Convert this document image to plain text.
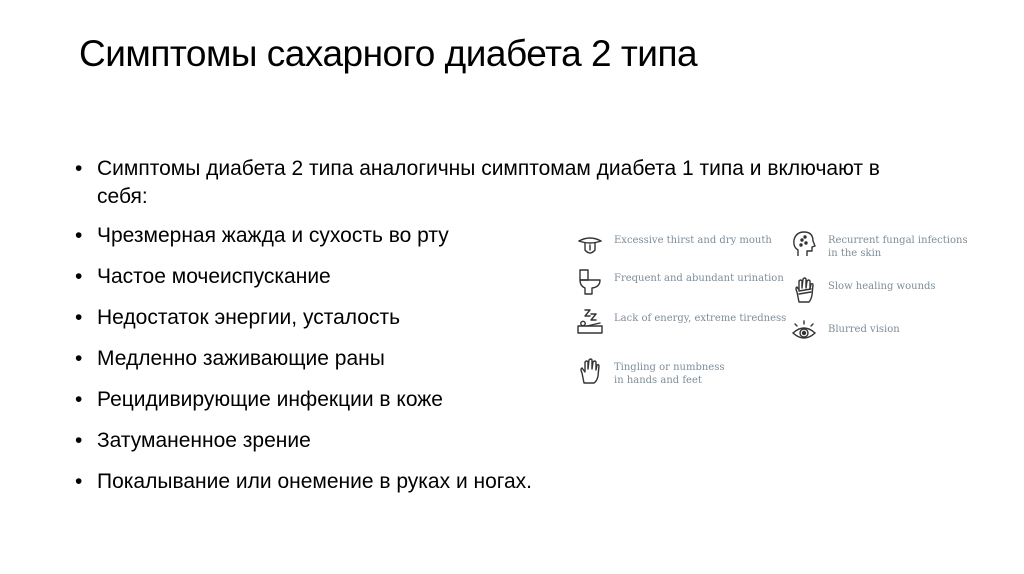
Симптомы сахарного диабета 2 типа
• Симптомы диабета 2 типа аналогичны симптомам диабета 1 типа и включают в себя:
• Чрезмерная жажда и сухость во рту
• Частое мочеиспускание
• Недостаток энергии, усталость
• Медленно заживающие раны
• Рецидивирующие инфекции в коже
• Затуманенное зрение
• Покалывание или онемение в руках и ногах.
Excessive thirst and dry mouth
Frequent and abundant urination
Lack of energy, extreme tiredness
Tingling or numbness
in hands and feet
Recurrent fungal infections
in the skin
Slow healing wounds
Blurred vision
